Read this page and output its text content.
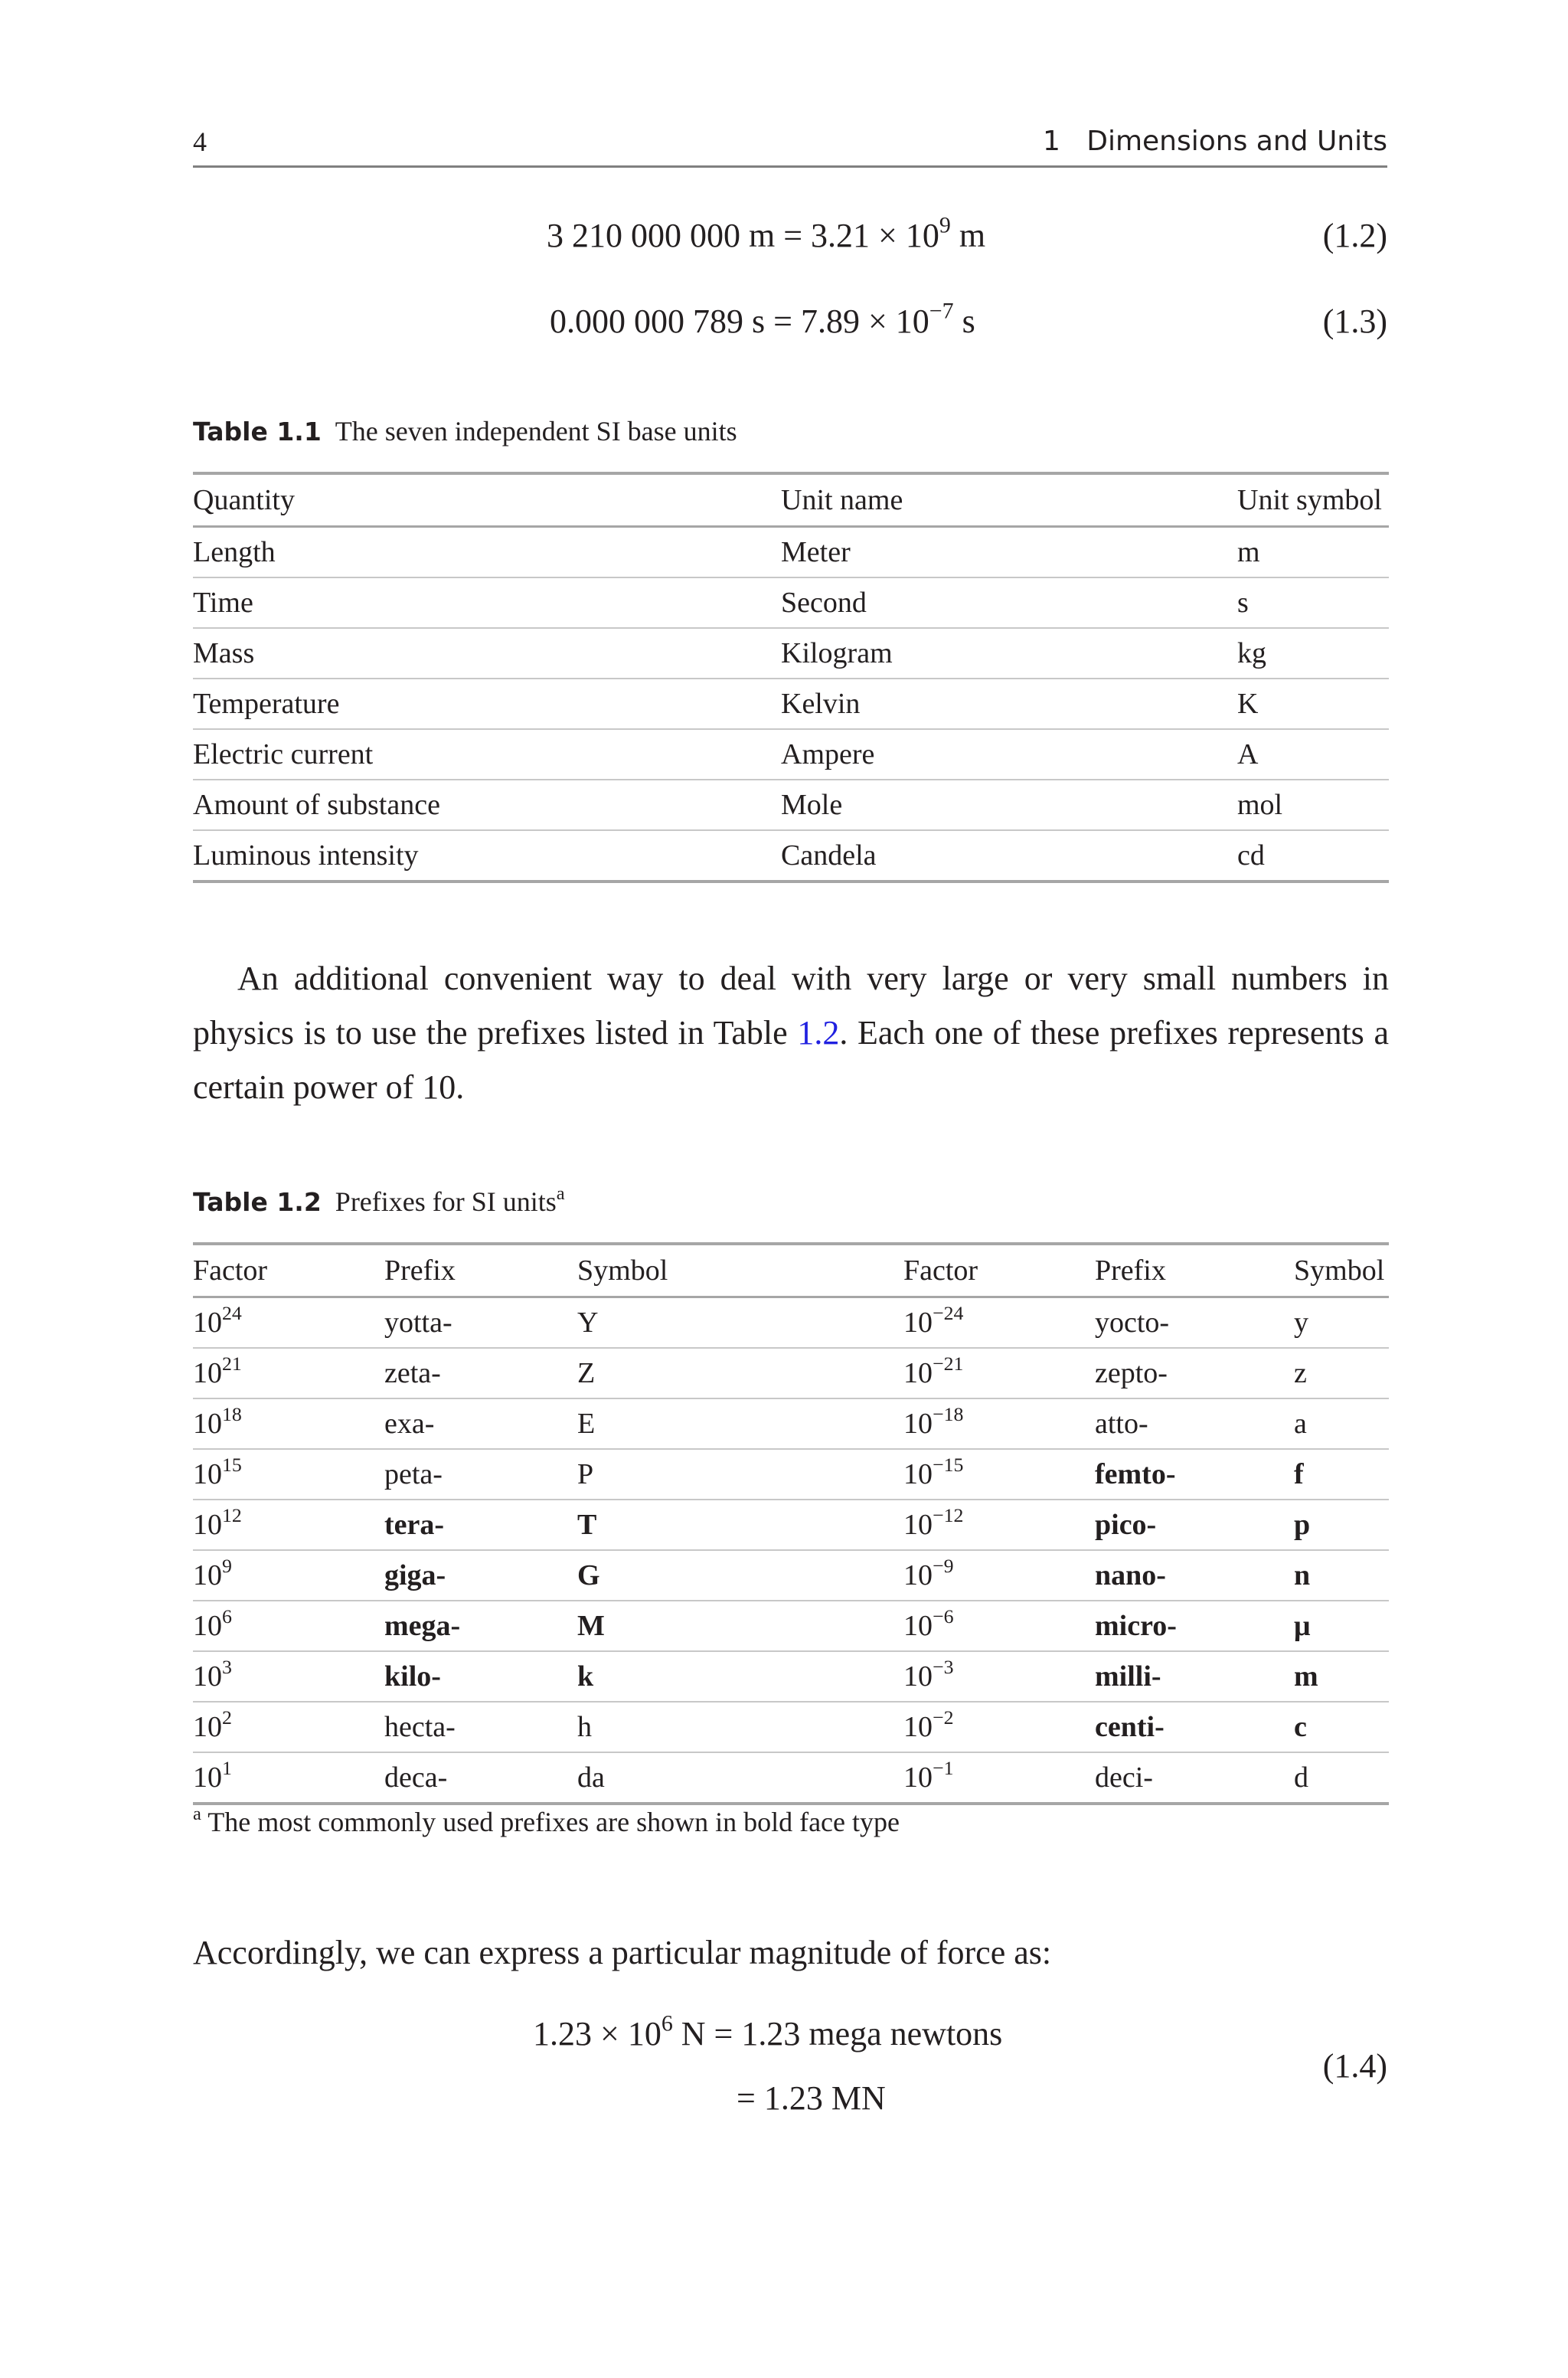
4	1   Dimensions and Units
3 210 000 000 $m = 3.21 \times 10^9$ m	(1.2)
0.000 000 789 $s = 7.89 \times 10^{-7}$ s	(1.3)
Table 1.1 The seven independent SI base units
Quantity	Unit name	Unit symbol
Length	Meter	m
Time	Second	s
Mass	Kilogram	kg
Temperature	Kelvin	K
Electric current	Ampere	A
Amount of substance	Mole	mol
Luminous intensity	Candela	cd
An additional convenient way to deal with very large or very small numbers in physics is to use the prefixes listed in Table 1.2. Each one of these prefixes represents a certain power of 10.
Table 1.2 Prefixes for SI units$^a$
Factor	Prefix	Symbol	Factor	Prefix	Symbol
$10^{24}$	yotta-	Y	$10^{-24}$	yocto-	y
$10^{21}$	zeta-	Z	$10^{-21}$	zepto-	z
$10^{18}$	exa-	E	$10^{-18}$	atto-	a
$10^{15}$	peta-	P	$10^{-15}$	femto-	f
$10^{12}$	tera-	T	$10^{-12}$	pico-	p
$10^9$	giga-	G	$10^{-9}$	nano-	n
$10^6$	mega-	M	$10^{-6}$	micro-	μ
$10^3$	kilo-	k	$10^{-3}$	milli-	m
$10^2$	hecta-	h	$10^{-2}$	centi-	c
$10^1$	deca-	da	$10^{-1}$	deci-	d
$^a$ The most commonly used prefixes are shown in bold face type
Accordingly, we can express a particular magnitude of force as:
$1.23 \times 10^6$ N = 1.23 mega newtons
= 1.23 MN
(1.4)
